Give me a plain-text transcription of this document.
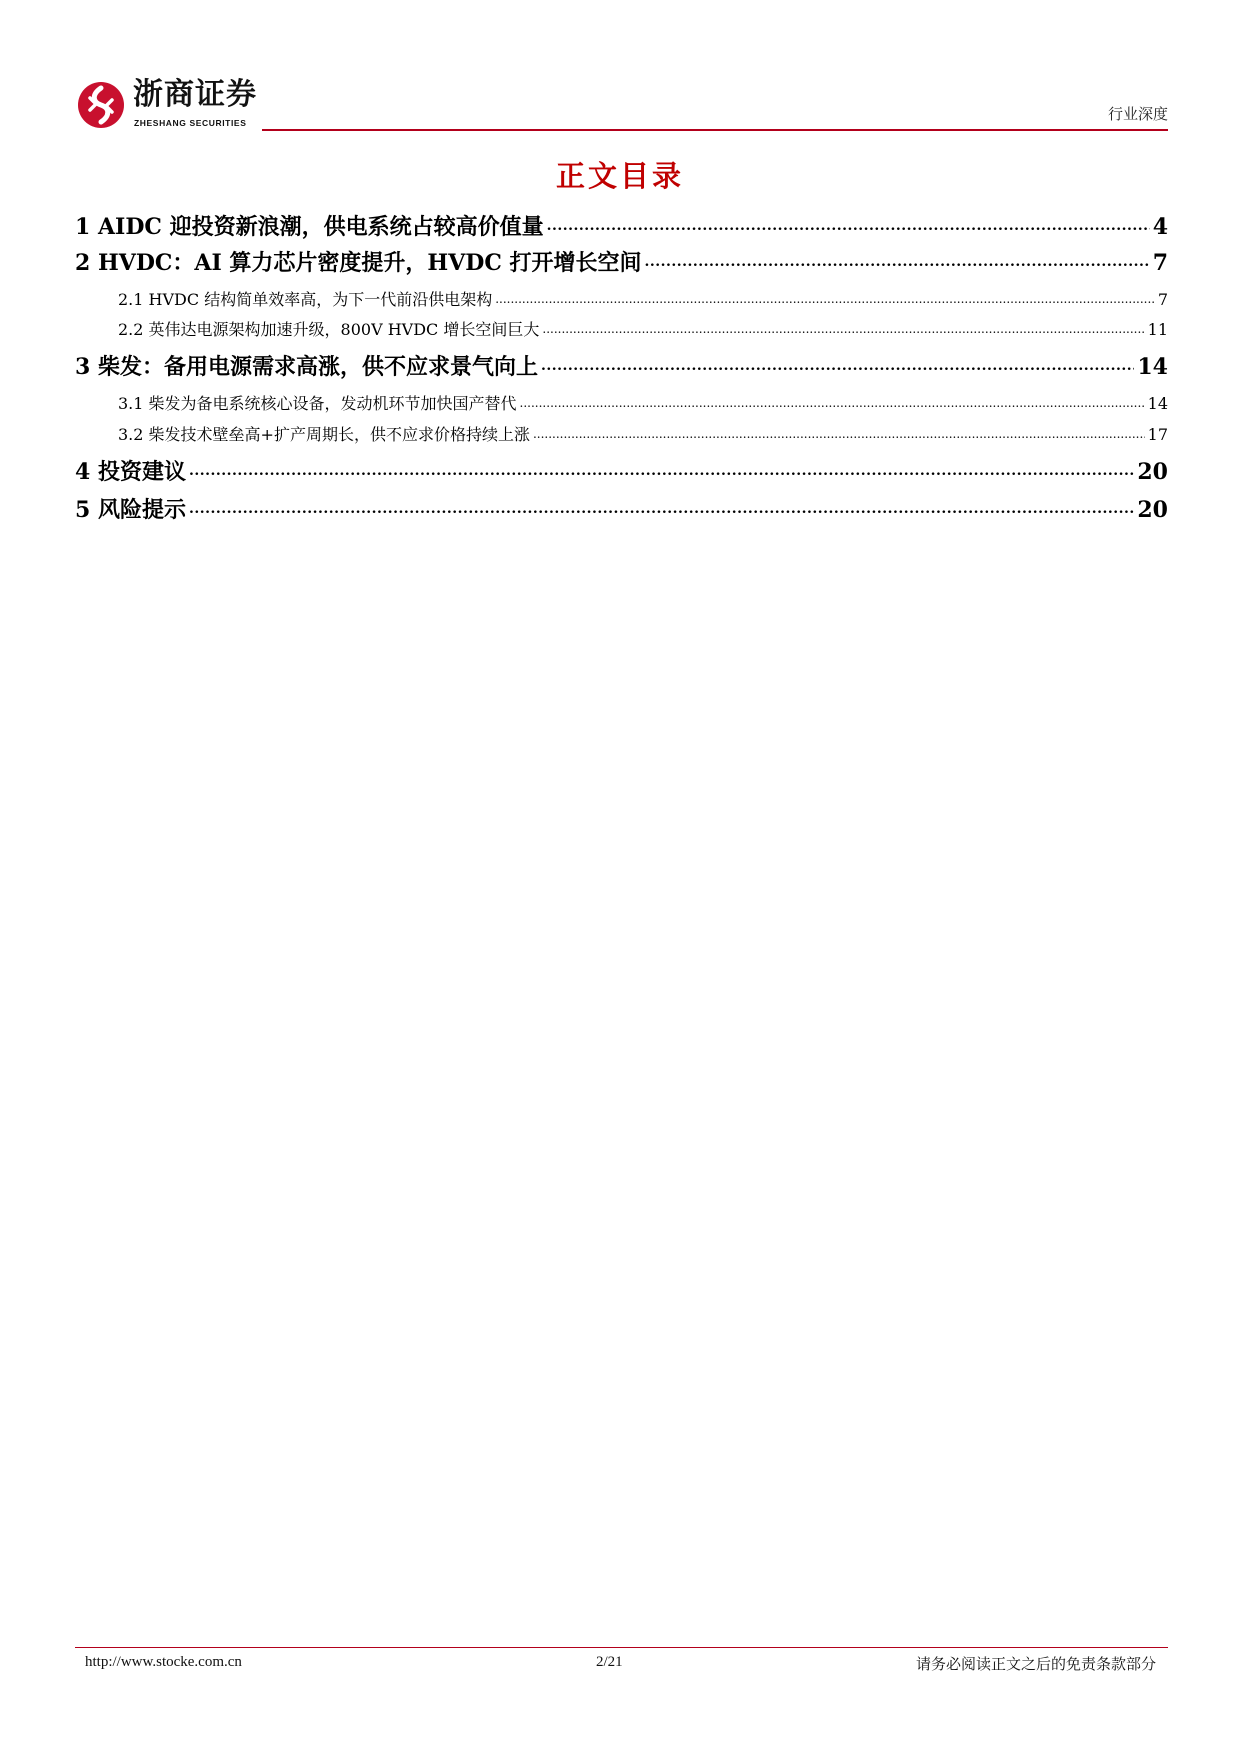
浙商证券
ZHESHANG SECURITIES	行业深度
正文目录
1 AIDC 迎投资新浪潮，供电系统占较高价值量 .....	4
2 HVDC：AI 算力芯片密度提升，HVDC 打开增长空间 .....	7
2.1 HVDC 结构简单效率高，为下一代前沿供电架构 .....	7
2.2 英伟达电源架构加速升级，800V HVDC 增长空间巨大 .....	11
3 柴发：备用电源需求高涨，供不应求景气向上 .....	14
3.1 柴发为备电系统核心设备，发动机环节加快国产替代 .....	14
3.2 柴发技术壁垒高+扩产周期长，供不应求价格持续上涨 .....	17
4 投资建议 .....	20
5 风险提示 .....	20
http://www.stocke.com.cn	2/21	请务必阅读正文之后的免责条款部分
